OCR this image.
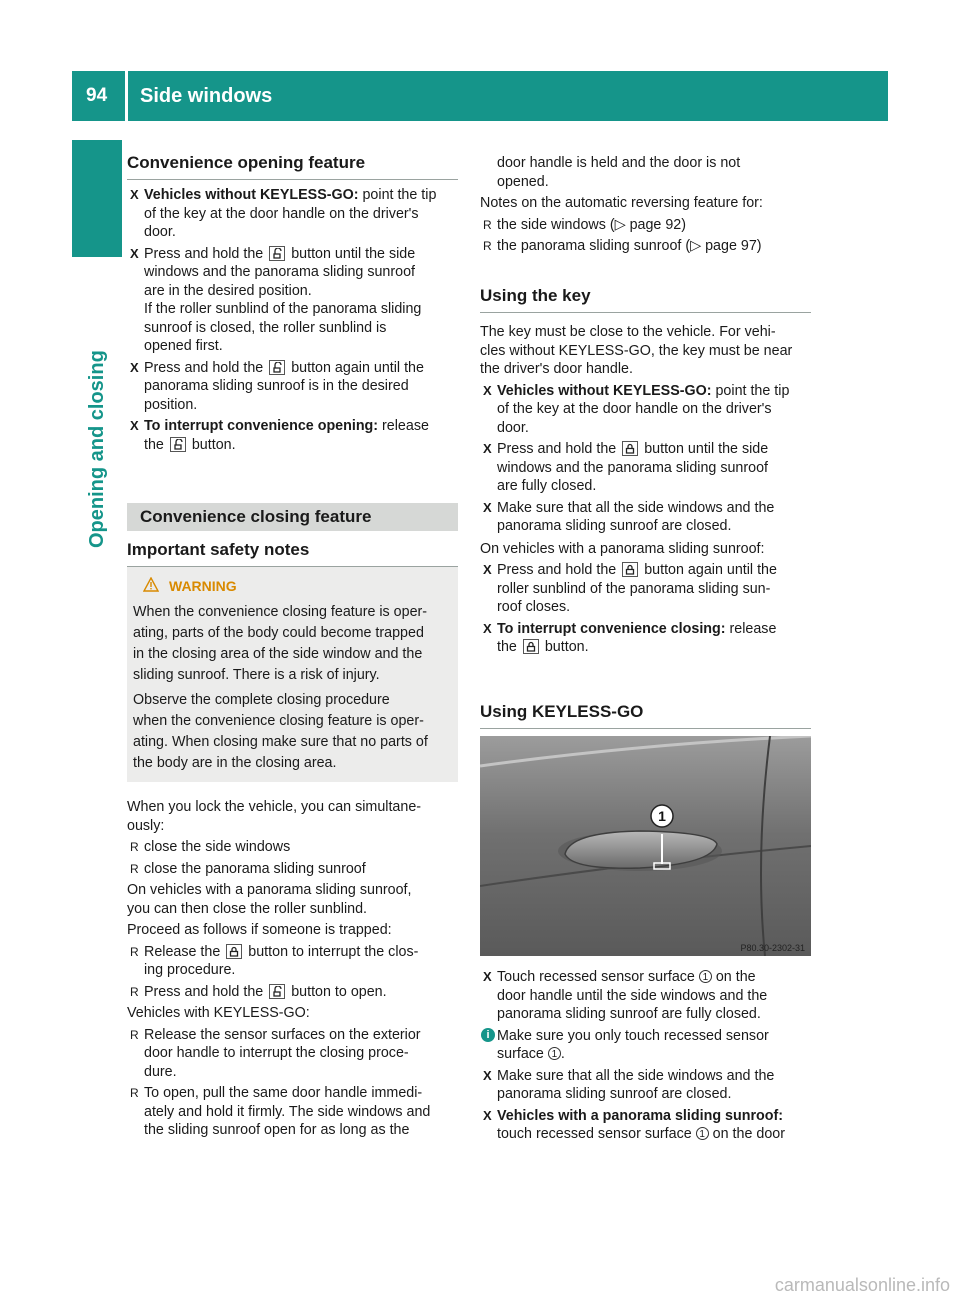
94 Side windows
Opening and closing
Convenience opening feature
X Vehicles without KEYLESS-GO: point the tip

of the key at the door handle on the driver's

door.

X Press and hold the button until the side

windows and the panorama sliding sunroof

are in the desired position.

If the roller sunblind of the panorama sliding

sunroof is closed, the roller sunblind is

opened first.

X Press and hold the button again until the

panorama sliding sunroof is in the desired

position.

X To interrupt convenience opening: release

the button.

Convenience closing feature
Important safety notes
WARNING

When the convenience closing feature is oper-

ating, parts of the body could become trapped

in the closing area of the side window and the

sliding sunroof. There is a risk of injury.

Observe the complete closing procedure

when the convenience closing feature is oper-

ating. When closing make sure that no parts of

the body are in the closing area.

When you lock the vehicle, you can simultane-

ously:

R close the side windows

R close the panorama sliding sunroof

On vehicles with a panorama sliding sunroof,

you can then close the roller sunblind.

Proceed as follows if someone is trapped:

R Release the button to interrupt the clos-

ing procedure.

R Press and hold the button to open.

Vehicles with KEYLESS-GO:

R Release the sensor surfaces on the exterior

door handle to interrupt the closing proce-

dure.

R To open, pull the same door handle immedi-

ately and hold it firmly. The side windows and

the sliding sunroof open for as long as the

door handle is held and the door is not

opened.

Notes on the automatic reversing feature for:

R the side windows (▷ page 92)

R the panorama sliding sunroof (▷ page 97)

Using the key

The key must be close to the vehicle. For vehi-

cles without KEYLESS-GO, the key must be near

the driver's door handle.

X Vehicles without KEYLESS-GO: point the tip

of the key at the door handle on the driver's

door.

X Press and hold the button until the side

windows and the panorama sliding sunroof

are fully closed.

X Make sure that all the side windows and the

panorama sliding sunroof are closed.

On vehicles with a panorama sliding sunroof:

X Press and hold the button again until the

roller sunblind of the panorama sliding sun-

roof closes.

X To interrupt convenience closing: release

the button.

Using KEYLESS-GO
1
P80.30-2302-31
X Touch recessed sensor surface 1 on the

door handle until the side windows and the

panorama sliding sunroof are fully closed.

i Make sure you only touch recessed sensor

surface 1 .

X Make sure that all the side windows and the

panorama sliding sunroof are closed.

X Vehicles with a panorama sliding sunroof:

touch recessed sensor surface 1 on the door

carmanualsonline.info
